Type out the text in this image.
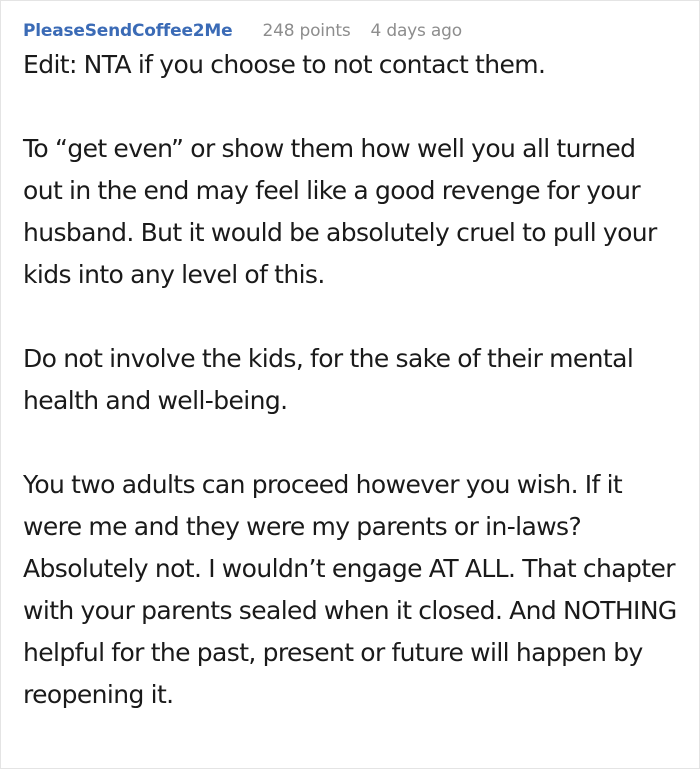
PleaseSendCoffee2Me 248 points 4 days ago

Edit: NTA if you choose to not contact them.

To “get even” or show them how well you all turned out in the end may feel like a good revenge for your husband. But it would be absolutely cruel to pull your kids into any level of this.

Do not involve the kids, for the sake of their mental health and well-being.

You two adults can proceed however you wish. If it were me and they were my parents or in-laws? Absolutely not. I wouldn’t engage AT ALL. That chapter with your parents sealed when it closed. And NOTHING helpful for the past, present or future will happen by reopening it.
